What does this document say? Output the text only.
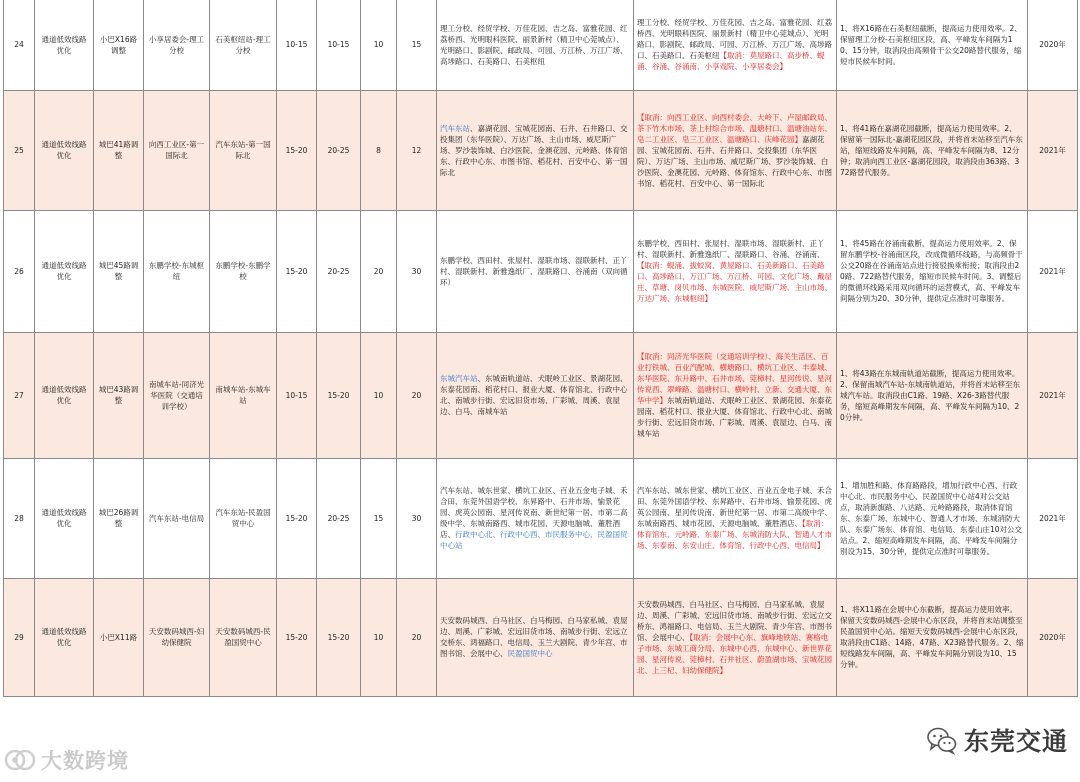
24	通道低效线路优化	小巴X16路调整	小享居委会-理工分校	石美枢纽站-理工分校	10-15	10-15	10	15	理工分校、经贸学校、万佳花园、吉之岛、富雅花园、红荔桥西、光明眼科医院、丽景新村（精卫中心莞城点）、光明路口、影剧院、邮政局、可园、万江桥、万江广场、高埗路口、石美路口、石美枢纽	理工分校、经贸学校、万佳花园、吉之岛、富雅花园、红荔桥西、光明眼科医院、丽景新村（精卫中心莞城点）、光明路口、影剧院、邮政局、可园、万江桥、万江广场、高埗路口、石美路口、石美枢纽【取消：莫屋路口、高步桥、蜆涌、谷涌、谷涌南、小享戏院、小享居委会】	1、将X16路在石美枢纽截断，提高运力使用效率。2、保留理工分校-石美枢纽区段，高、平峰发车间隔为10、15分钟，取消段由高频骨干公交20路替代服务，缩短市民候车时间。	2020年
25	通道低效线路优化	城巴41路调整	向西工业区-第一国际北	汽车东站-第一国际北	15-20	20-25	8	12	汽车东站、嘉湖花园、宝城花园南、石井、石井路口、交投集团（东华医院）、万达广场、主山市场、威尼斯广场、罗沙装饰城、白沙医院、金澳花园、元岭路、体育馆东、行政中心东、市图书馆、稻花村、百安中心、第一国际北	【取消：向西工业区、向西村委会、大岭下、卢屋邮政局、茶下竹木市场、茶上村综合市场、温塘村口、温塘油站东、皂二工业区、皂三工业区、温塘路口、庆峰花园】嘉湖花园、宝城花园南、石井、石井路口、交投集团（东华医院）、万达广场、主山市场、威尼斯广场、罗沙装饰城、白沙医院、金澳花园、元岭路、体育馆东、行政中心东、市图书馆、稻花村、百安中心、第一国际北	1、将41路在嘉湖花园截断，提高运力使用效率。2、保留第一国际北-嘉湖花园区段，并将首末站移至汽车东站，缩短线路发车间隔，高、平峰发车间隔为8、12分钟；取消向西工业区-嘉湖花园段，取消段由363路、372路替代服务。	2021年
26	通道低效线路优化	城巴45路调整	东鹏学校-东城枢纽	东鹏学校-东鹏学校	15-20	20-25	20	30	东鹏学校、西田村、张屋村、湿联市场、湿联新村、正丫村、湿联新村、新雅逸纸厂、湿联路口、谷涌南（双向循环）	东鹏学校、西田村、张屋村、湿联市场、湿联新村、正丫村、湿联新村、新雅逸纸厂、湿联路口、谷涌、谷涌南、【取消：蜆涌、拔蛟窝、黄屋路口、石美新路口、石美路口、高埗路口、万江广场、万江桥、可园、文化广场、戴屋庄、草塘、岗贝市场、东城医院、威尼斯广场、主山市场、万达广场、东城枢纽】	1、将45路在谷涌南截断，提高运力使用效率。2、保留东鹏学校-谷涌南区段，改成微循环线路，与高频骨干公交20路在谷涌南站点进行接驳换乘衔接；取消段由20路、722路替代服务，缩短市民候车时间。3、调整后的微循环线路采用双向循环的运营模式，高、平峰发车间隔分别为20、30分钟，提供定点准时可靠服务。	2021年
27	通道低效线路优化	城巴43路调整	南城车站-同济光华医院（交通培训学校）	南城车站-东城车站	10-15	15-20	10	20	东城汽车站、东城南轨道站、犬眠岭工业区、景湖花园、东泰花园南、稻花村口、报业大厦、体育馆北、行政中心北、南城步行街、宏远旧货市场、广彩城、周溪、袁屋边、白马、南城车站	【取消：同济光华医院（交通培训学校）、海关生活区、百业打铁城、百业汽配城、横塘路口、横坑工业区、丰泰城、东华医院、东升路中、石井市场、莞樟村、星河传说、星河传说西、翠峰路、温塘村口、横岭村、立新、交通大厦、东华中学】东城南轨道站、犬眠岭工业区、景湖花园、东泰花园南、稻花村口、报业大厦、体育馆北、行政中心北、南城步行街、宏远旧货市场、广彩城、周溪、袁屋边、白马、南城车站	1、将43路在东城南轨道站截断，提高运力使用效率。2、保留南城汽车站-东城南轨道站，并将首末站移至东城汽车站。取消段由C1路、19路、X26-3路替代服务，缩短高峰期发车间隔，高、平峰发车间隔为10、20分钟。	2021年
28	通道低效线路优化	城巴26路调整	汽车东站-电信局	汽车东站-民盈国贸中心	15-20	20-25	15	30	汽车东站、城东世家、横坑工业区、百业五金电子城、禾合田、东莞外国语学校、东昇路中、石井市场、愉景花园、虎英公园南、星河传说南、新世纪第一居、市第二高级中学、东城南路西、城市花园、天源电脑城、董胜酒店、行政中心北、行政中心西、市民服务中心、民盈国贸中心站	汽车东站、城东世家、横坑工业区、百业五金电子城、禾合田、东莞外国语学校、东昇路中、石井市场、愉景花园、虎英公园南、星河传说南、新世纪第一居、市第二高级中学、东城南路西、城市花园、天源电脑城、董胜酒店、【取消：体育馆东、元岭路、东泰广场、东城消防大队、智通人才市场、东泰南、东安山庄、体育馆、行政中心西、电信局】	1、增加胜和路、体育路路段，增加行政中心西、行政中心北、市民服务中心、民盈国贸中心站4对公交站点，取消新旗路、八达路、元岭路路段，取消体育馆东、东泰广场、东城中心、智通人才市场、东城消防大队、东泰广场东、体育馆、电信局、东泰山庄10对公交站点。2、缩短高峰期发车间隔，高、平峰发车间隔分别设为15、30分钟，提供定点准时可靠服务。	2021年
29	通道低效线路优化	小巴X11路	天安数码城西-妇幼保健院	天安数码城西-民盈国贸中心	15-20	15-20	10	20	天安数码城西、白马社区、白马梅园、白马家私城、袁屋边、周溪、广彩城、宏远旧货市场、南城步行街、宏远立交桥东、鸿福路口、电信局、玉兰大剧院、青少年宫、市图书馆、会展中心、民盈国贸中心	天安数码城西、白马社区、白马梅园、白马家私城、袁屋边、周溪、广彩城、宏远旧货市场、南城步行街、宏远立交桥东、鸿福路口、电信局、玉兰大剧院、青少年宫、市图书馆、会展中心、【取消：会展中心东、旗峰地铁站、赛格电子市场、东城工商分局、东城中心西、东城中心、新世界花园、星河传说、莞樟村、石井社区、蔚盈湖市场、宝城花园北、上三杞、妇幼保健院】	1、将X11路在会展中心东截断，提高运力使用效率。保留天安数码城西-会展中心东区段，并将首末站调整至民盈国贸中心站。缩短天安数码城西-会展中心东区段，取消段由C1路、14路、47路、X23路替代服务。2、缩短线路发车间隔，高、平峰发车间隔分别设为10、15分钟。	2020年
大数跨境
东莞交通
